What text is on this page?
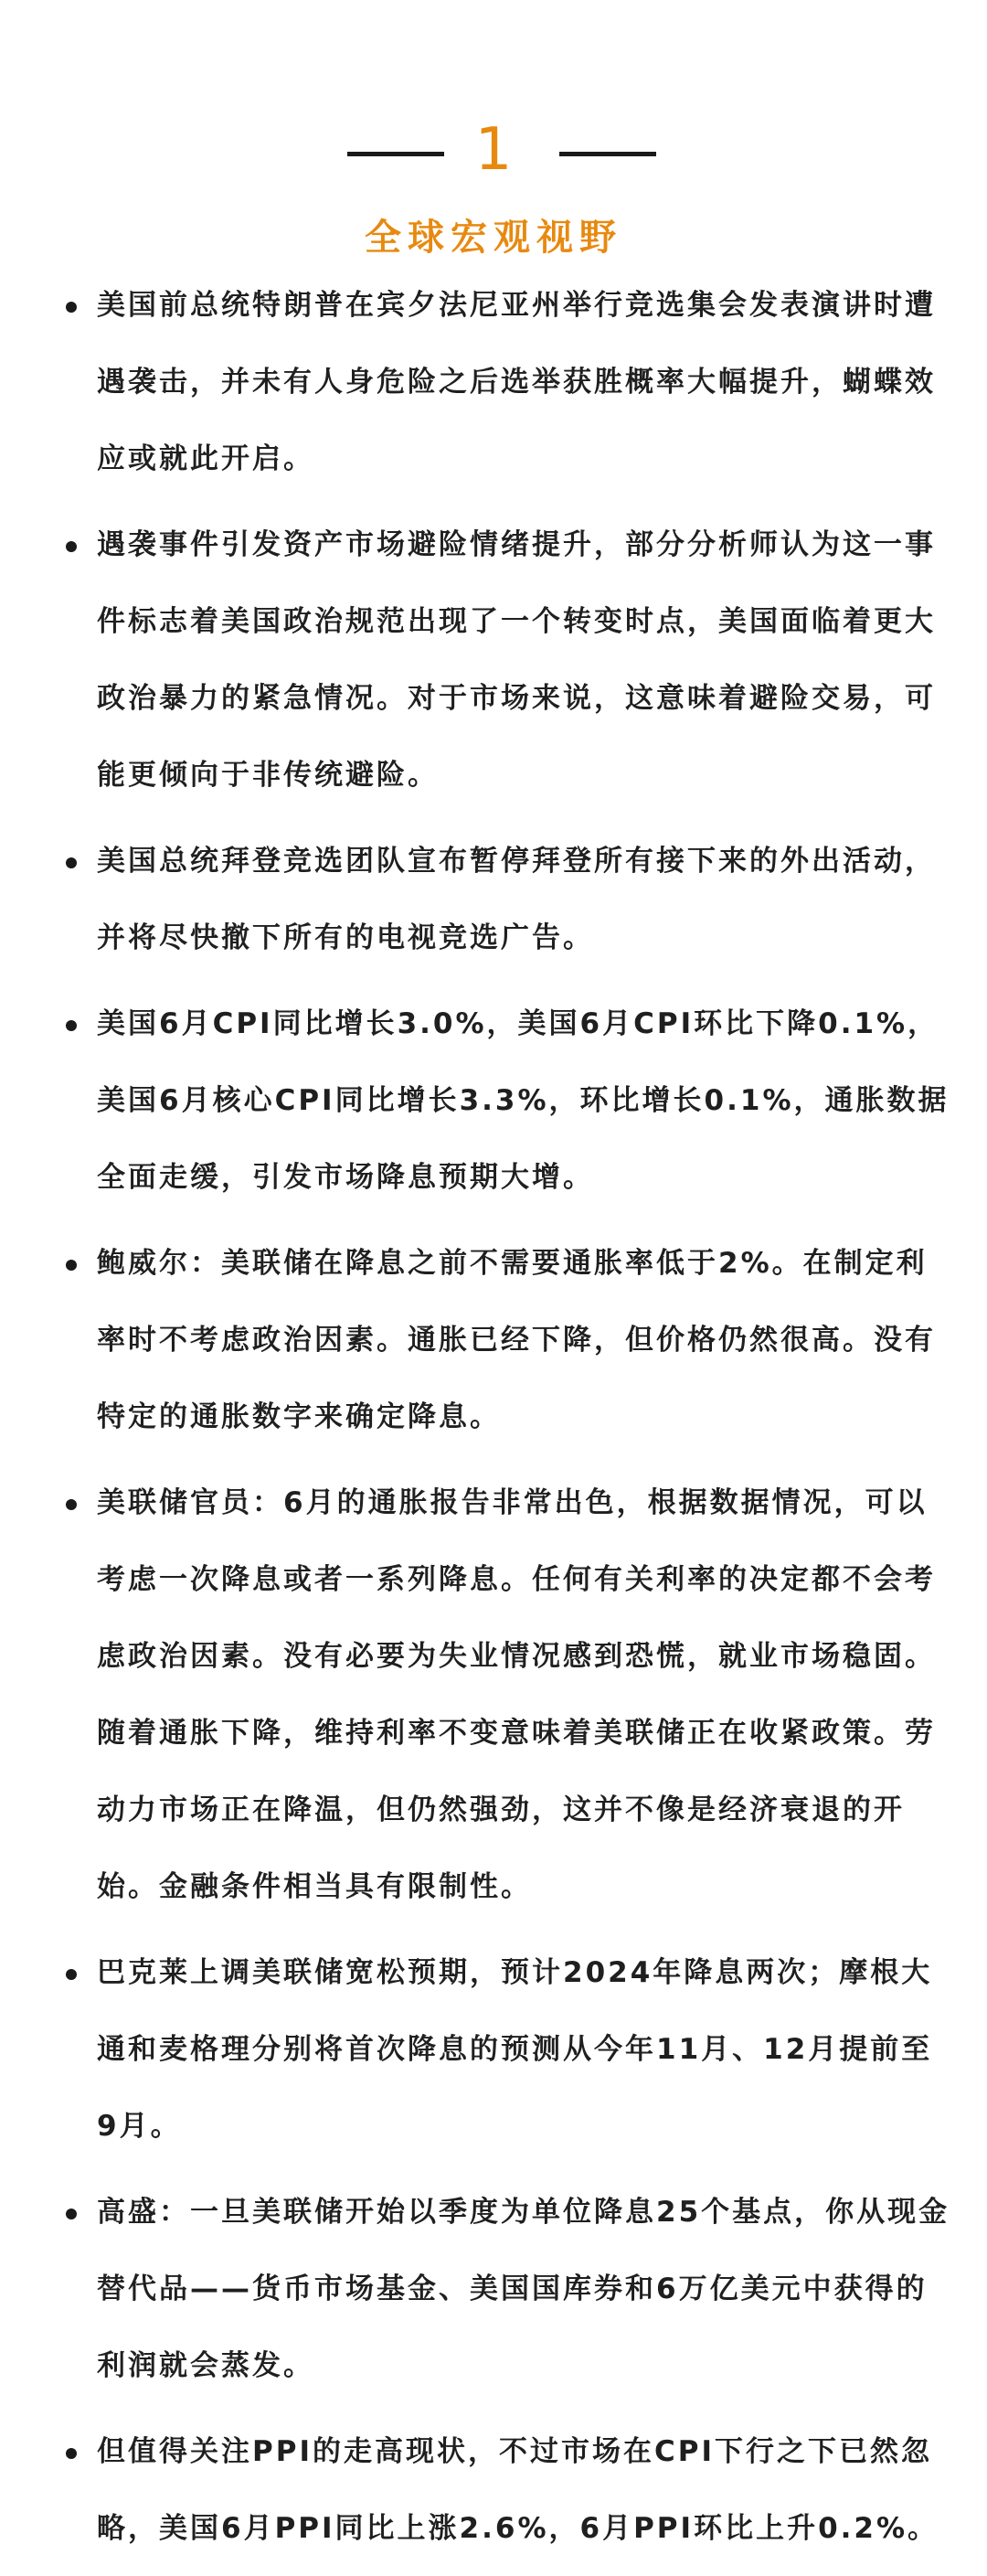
1
全球宏观视野
美国前总统特朗普在宾夕法尼亚州举行竞选集会发表演讲时遭遇袭击，并未有人身危险之后选举获胜概率大幅提升，蝴蝶效应或就此开启。
遇袭事件引发资产市场避险情绪提升，部分分析师认为这一事件标志着美国政治规范出现了一个转变时点，美国面临着更大政治暴力的紧急情况。对于市场来说，这意味着避险交易，可能更倾向于非传统避险。
美国总统拜登竞选团队宣布暂停拜登所有接下来的外出活动，并将尽快撤下所有的电视竞选广告。
美国6月CPI同比增长3.0%，美国6月CPI环比下降0.1%，美国6月核心CPI同比增长3.3%，环比增长0.1%，通胀数据全面走缓，引发市场降息预期大增。
鲍威尔：美联储在降息之前不需要通胀率低于2%。在制定利率时不考虑政治因素。通胀已经下降，但价格仍然很高。没有特定的通胀数字来确定降息。
美联储官员：6月的通胀报告非常出色，根据数据情况，可以考虑一次降息或者一系列降息。任何有关利率的决定都不会考虑政治因素。没有必要为失业情况感到恐慌，就业市场稳固。随着通胀下降，维持利率不变意味着美联储正在收紧政策。劳动力市场正在降温，但仍然强劲，这并不像是经济衰退的开始。金融条件相当具有限制性。
巴克莱上调美联储宽松预期，预计2024年降息两次；摩根大通和麦格理分别将首次降息的预测从今年11月、12月提前至9月。
高盛：一旦美联储开始以季度为单位降息25个基点，你从现金替代品——货币市场基金、美国国库券和6万亿美元中获得的利润就会蒸发。
但值得关注PPI的走高现状，不过市场在CPI下行之下已然忽略，美国6月PPI同比上涨2.6%，6月PPI环比上升0.2%。
